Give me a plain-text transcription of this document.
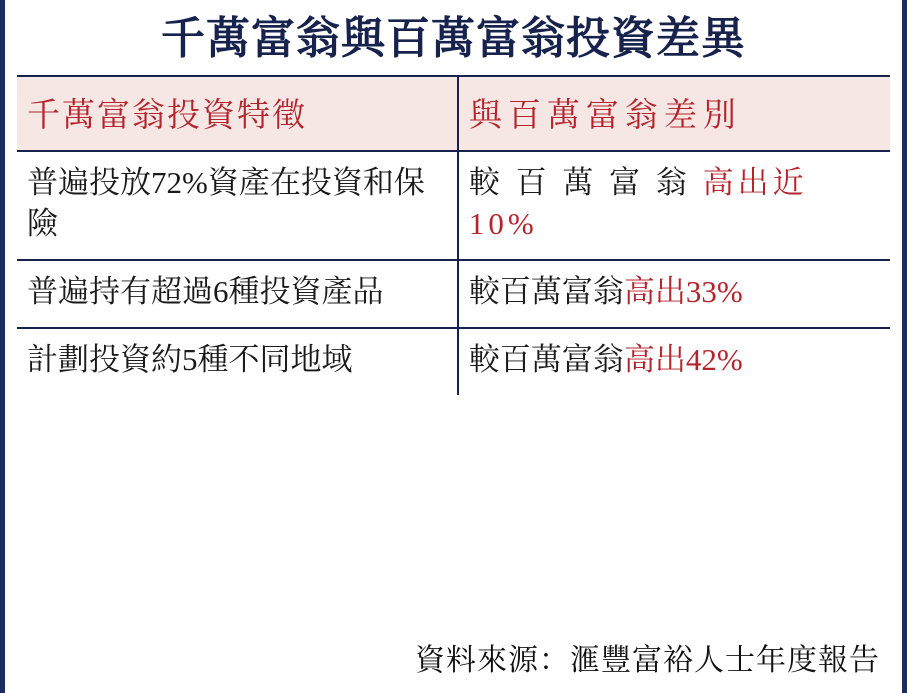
千萬富翁與百萬富翁投資差異
千萬富翁投資特徵	與百萬富翁差別
普遍投放72%資產在投資和保險	較 百 萬 富 翁 高出近 10%
普遍持有超過6種投資產品	較百萬富翁高出33%
計劃投資約5種不同地域	較百萬富翁高出42%
資料來源：滙豐富裕人士年度報告
